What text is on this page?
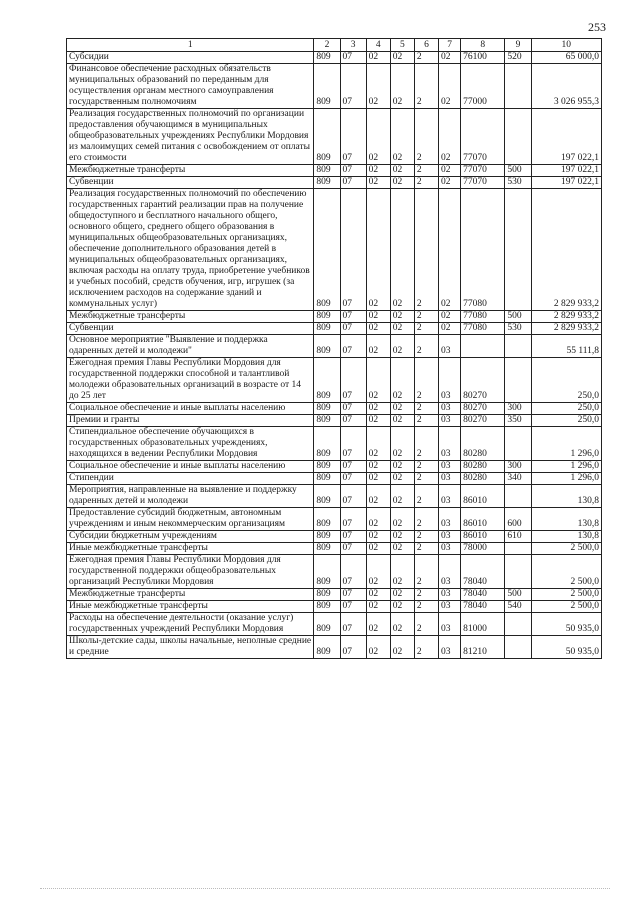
253
1	2	3	4	5	6	7	8	9	10
Субсидии	809	07	02	02	2	02	76100	520	65 000,0
Финансовое обеспечение расходных обязательств муниципальных образований по переданным для осуществления органам местного самоуправления государственным полномочиям	809	07	02	02	2	02	77000		3 026 955,3
Реализация государственных полномочий по организации предоставления обучающимся в муниципальных общеобразовательных учреждениях Республики Мордовия из малоимущих семей питания с освобождением от оплаты его стоимости	809	07	02	02	2	02	77070		197 022,1
Межбюджетные трансферты	809	07	02	02	2	02	77070	500	197 022,1
Субвенции	809	07	02	02	2	02	77070	530	197 022,1
Реализация государственных полномочий по обеспечению государственных гарантий реализации прав на получение общедоступного и бесплатного начального общего, основного общего, среднего общего образования в муниципальных общеобразовательных организациях, обеспечение дополнительного образования детей в муниципальных общеобразовательных организациях, включая расходы на оплату труда, приобретение учебников и учебных пособий, средств обучения, игр, игрушек (за исключением расходов на содержание зданий и коммунальных услуг)	809	07	02	02	2	02	77080		2 829 933,2
Межбюджетные трансферты	809	07	02	02	2	02	77080	500	2 829 933,2
Субвенции	809	07	02	02	2	02	77080	530	2 829 933,2
Основное мероприятие "Выявление и поддержка одаренных детей и молодежи"	809	07	02	02	2	03			55 111,8
Ежегодная премия Главы Республики Мордовия для государственной поддержки способной и талантливой молодежи образовательных организаций в возрасте от 14 до 25 лет	809	07	02	02	2	03	80270		250,0
Социальное обеспечение и иные выплаты населению	809	07	02	02	2	03	80270	300	250,0
Премии и гранты	809	07	02	02	2	03	80270	350	250,0
Стипендиальное обеспечение обучающихся в государственных образовательных учреждениях, находящихся в ведении Республики Мордовия	809	07	02	02	2	03	80280		1 296,0
Социальное обеспечение и иные выплаты населению	809	07	02	02	2	03	80280	300	1 296,0
Стипендии	809	07	02	02	2	03	80280	340	1 296,0
Мероприятия, направленные на выявление и поддержку одаренных детей и молодежи	809	07	02	02	2	03	86010		130,8
Предоставление субсидий бюджетным, автономным учреждениям и иным некоммерческим организациям	809	07	02	02	2	03	86010	600	130,8
Субсидии бюджетным учреждениям	809	07	02	02	2	03	86010	610	130,8
Иные межбюджетные трансферты	809	07	02	02	2	03	78000		2 500,0
Ежегодная премия Главы Республики Мордовия для государственной поддержки общеобразовательных организаций Республики Мордовия	809	07	02	02	2	03	78040		2 500,0
Межбюджетные трансферты	809	07	02	02	2	03	78040	500	2 500,0
Иные межбюджетные трансферты	809	07	02	02	2	03	78040	540	2 500,0
Расходы на обеспечение деятельности (оказание услуг) государственных учреждений Республики Мордовия	809	07	02	02	2	03	81000		50 935,0
Школы-детские сады, школы начальные, неполные средние и средние	809	07	02	02	2	03	81210		50 935,0
